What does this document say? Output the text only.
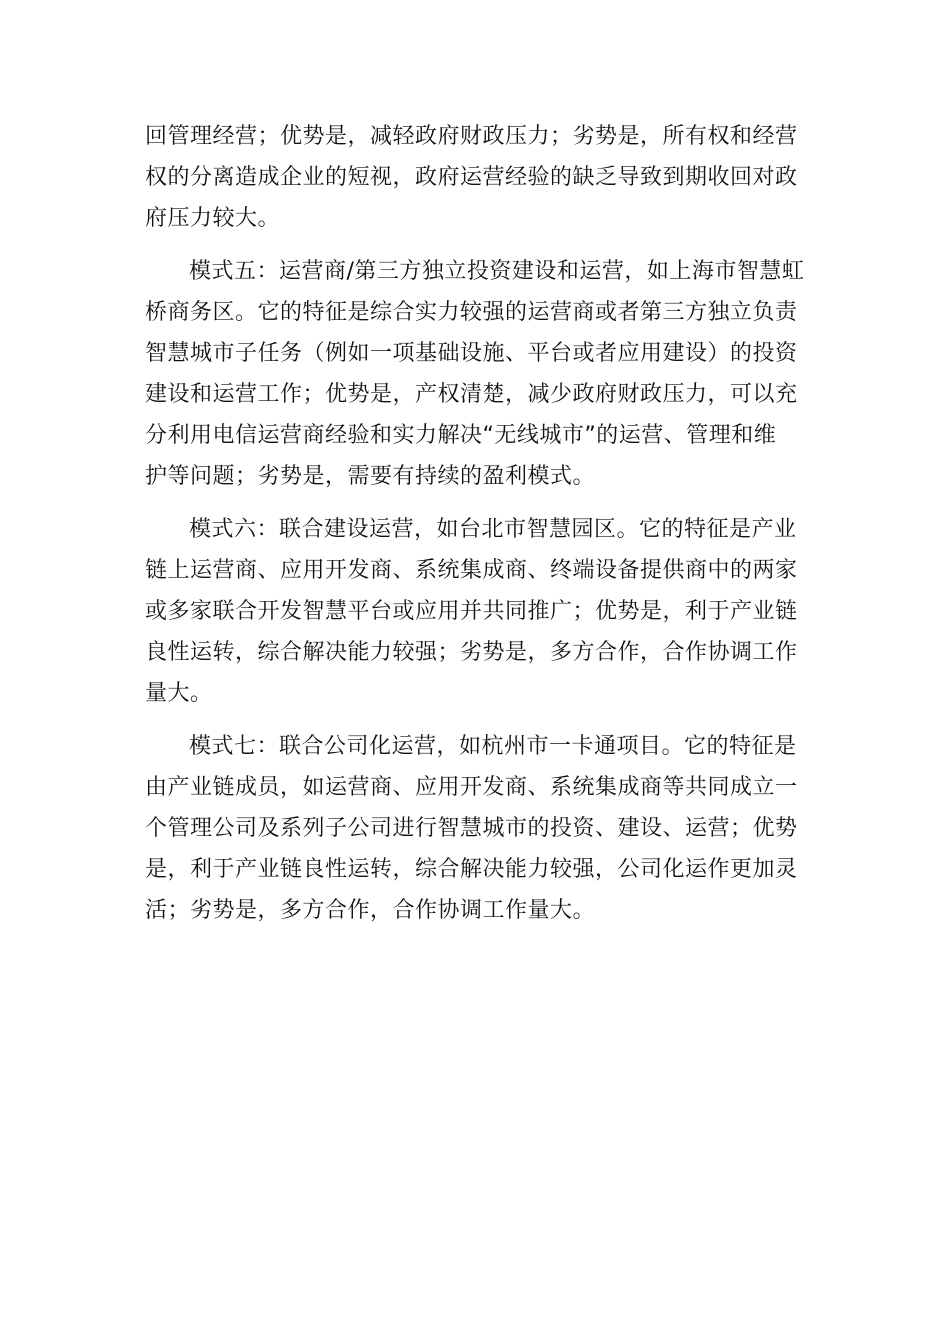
回管理经营；优势是，减轻政府财政压力；劣势是，所有权和经营
权的分离造成企业的短视，政府运营经验的缺乏导致到期收回对政
府压力较大。
模式五：运营商/第三方独立投资建设和运营，如上海市智慧虹
桥商务区。它的特征是综合实力较强的运营商或者第三方独立负责
智慧城市子任务（例如一项基础设施、平台或者应用建设）的投资
建设和运营工作；优势是，产权清楚，减少政府财政压力，可以充
分利用电信运营商经验和实力解决“无线城市”的运营、管理和维
护等问题；劣势是，需要有持续的盈利模式。
模式六：联合建设运营，如台北市智慧园区。它的特征是产业
链上运营商、应用开发商、系统集成商、终端设备提供商中的两家
或多家联合开发智慧平台或应用并共同推广；优势是，利于产业链
良性运转，综合解决能力较强；劣势是，多方合作，合作协调工作
量大。
模式七：联合公司化运营，如杭州市一卡通项目。它的特征是
由产业链成员，如运营商、应用开发商、系统集成商等共同成立一
个管理公司及系列子公司进行智慧城市的投资、建设、运营；优势
是，利于产业链良性运转，综合解决能力较强，公司化运作更加灵
活；劣势是，多方合作，合作协调工作量大。
